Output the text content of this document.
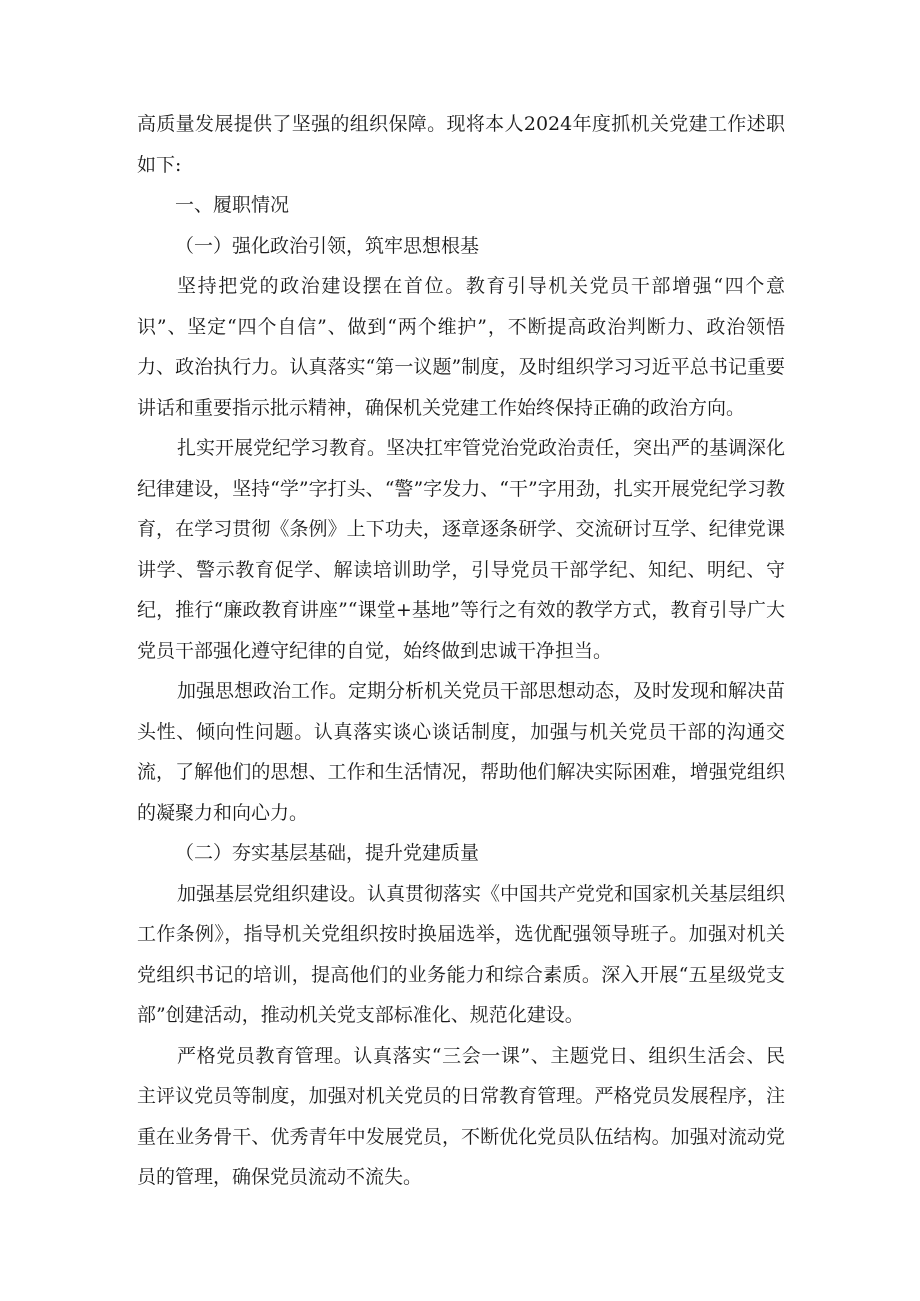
高质量发展提供了坚强的组织保障。现将本人2024年度抓机关党建工作述职如下:

一、履职情况

（一）强化政治引领，筑牢思想根基

坚持把党的政治建设摆在首位。教育引导机关党员干部增强“四个意识”、坚定“四个自信”、做到“两个维护”，不断提高政治判断力、政治领悟力、政治执行力。认真落实“第一议题”制度，及时组织学习习近平总书记重要讲话和重要指示批示精神，确保机关党建工作始终保持正确的政治方向。

扎实开展党纪学习教育。坚决扛牢管党治党政治责任，突出严的基调深化纪律建设，坚持“学”字打头、“警”字发力、“干”字用劲，扎实开展党纪学习教育，在学习贯彻《条例》上下功夫，逐章逐条研学、交流研讨互学、纪律党课讲学、警示教育促学、解读培训助学，引导党员干部学纪、知纪、明纪、守纪，推行“廉政教育讲座”“课堂+基地”等行之有效的教学方式，教育引导广大党员干部强化遵守纪律的自觉，始终做到忠诚干净担当。

加强思想政治工作。定期分析机关党员干部思想动态，及时发现和解决苗头性、倾向性问题。认真落实谈心谈话制度，加强与机关党员干部的沟通交流，了解他们的思想、工作和生活情况，帮助他们解决实际困难，增强党组织的凝聚力和向心力。

（二）夯实基层基础，提升党建质量

加强基层党组织建设。认真贯彻落实《中国共产党党和国家机关基层组织工作条例》，指导机关党组织按时换届选举，选优配强领导班子。加强对机关党组织书记的培训，提高他们的业务能力和综合素质。深入开展“五星级党支部”创建活动，推动机关党支部标准化、规范化建设。

严格党员教育管理。认真落实“三会一课”、主题党日、组织生活会、民主评议党员等制度，加强对机关党员的日常教育管理。严格党员发展程序，注重在业务骨干、优秀青年中发展党员，不断优化党员队伍结构。加强对流动党员的管理，确保党员流动不流失。
